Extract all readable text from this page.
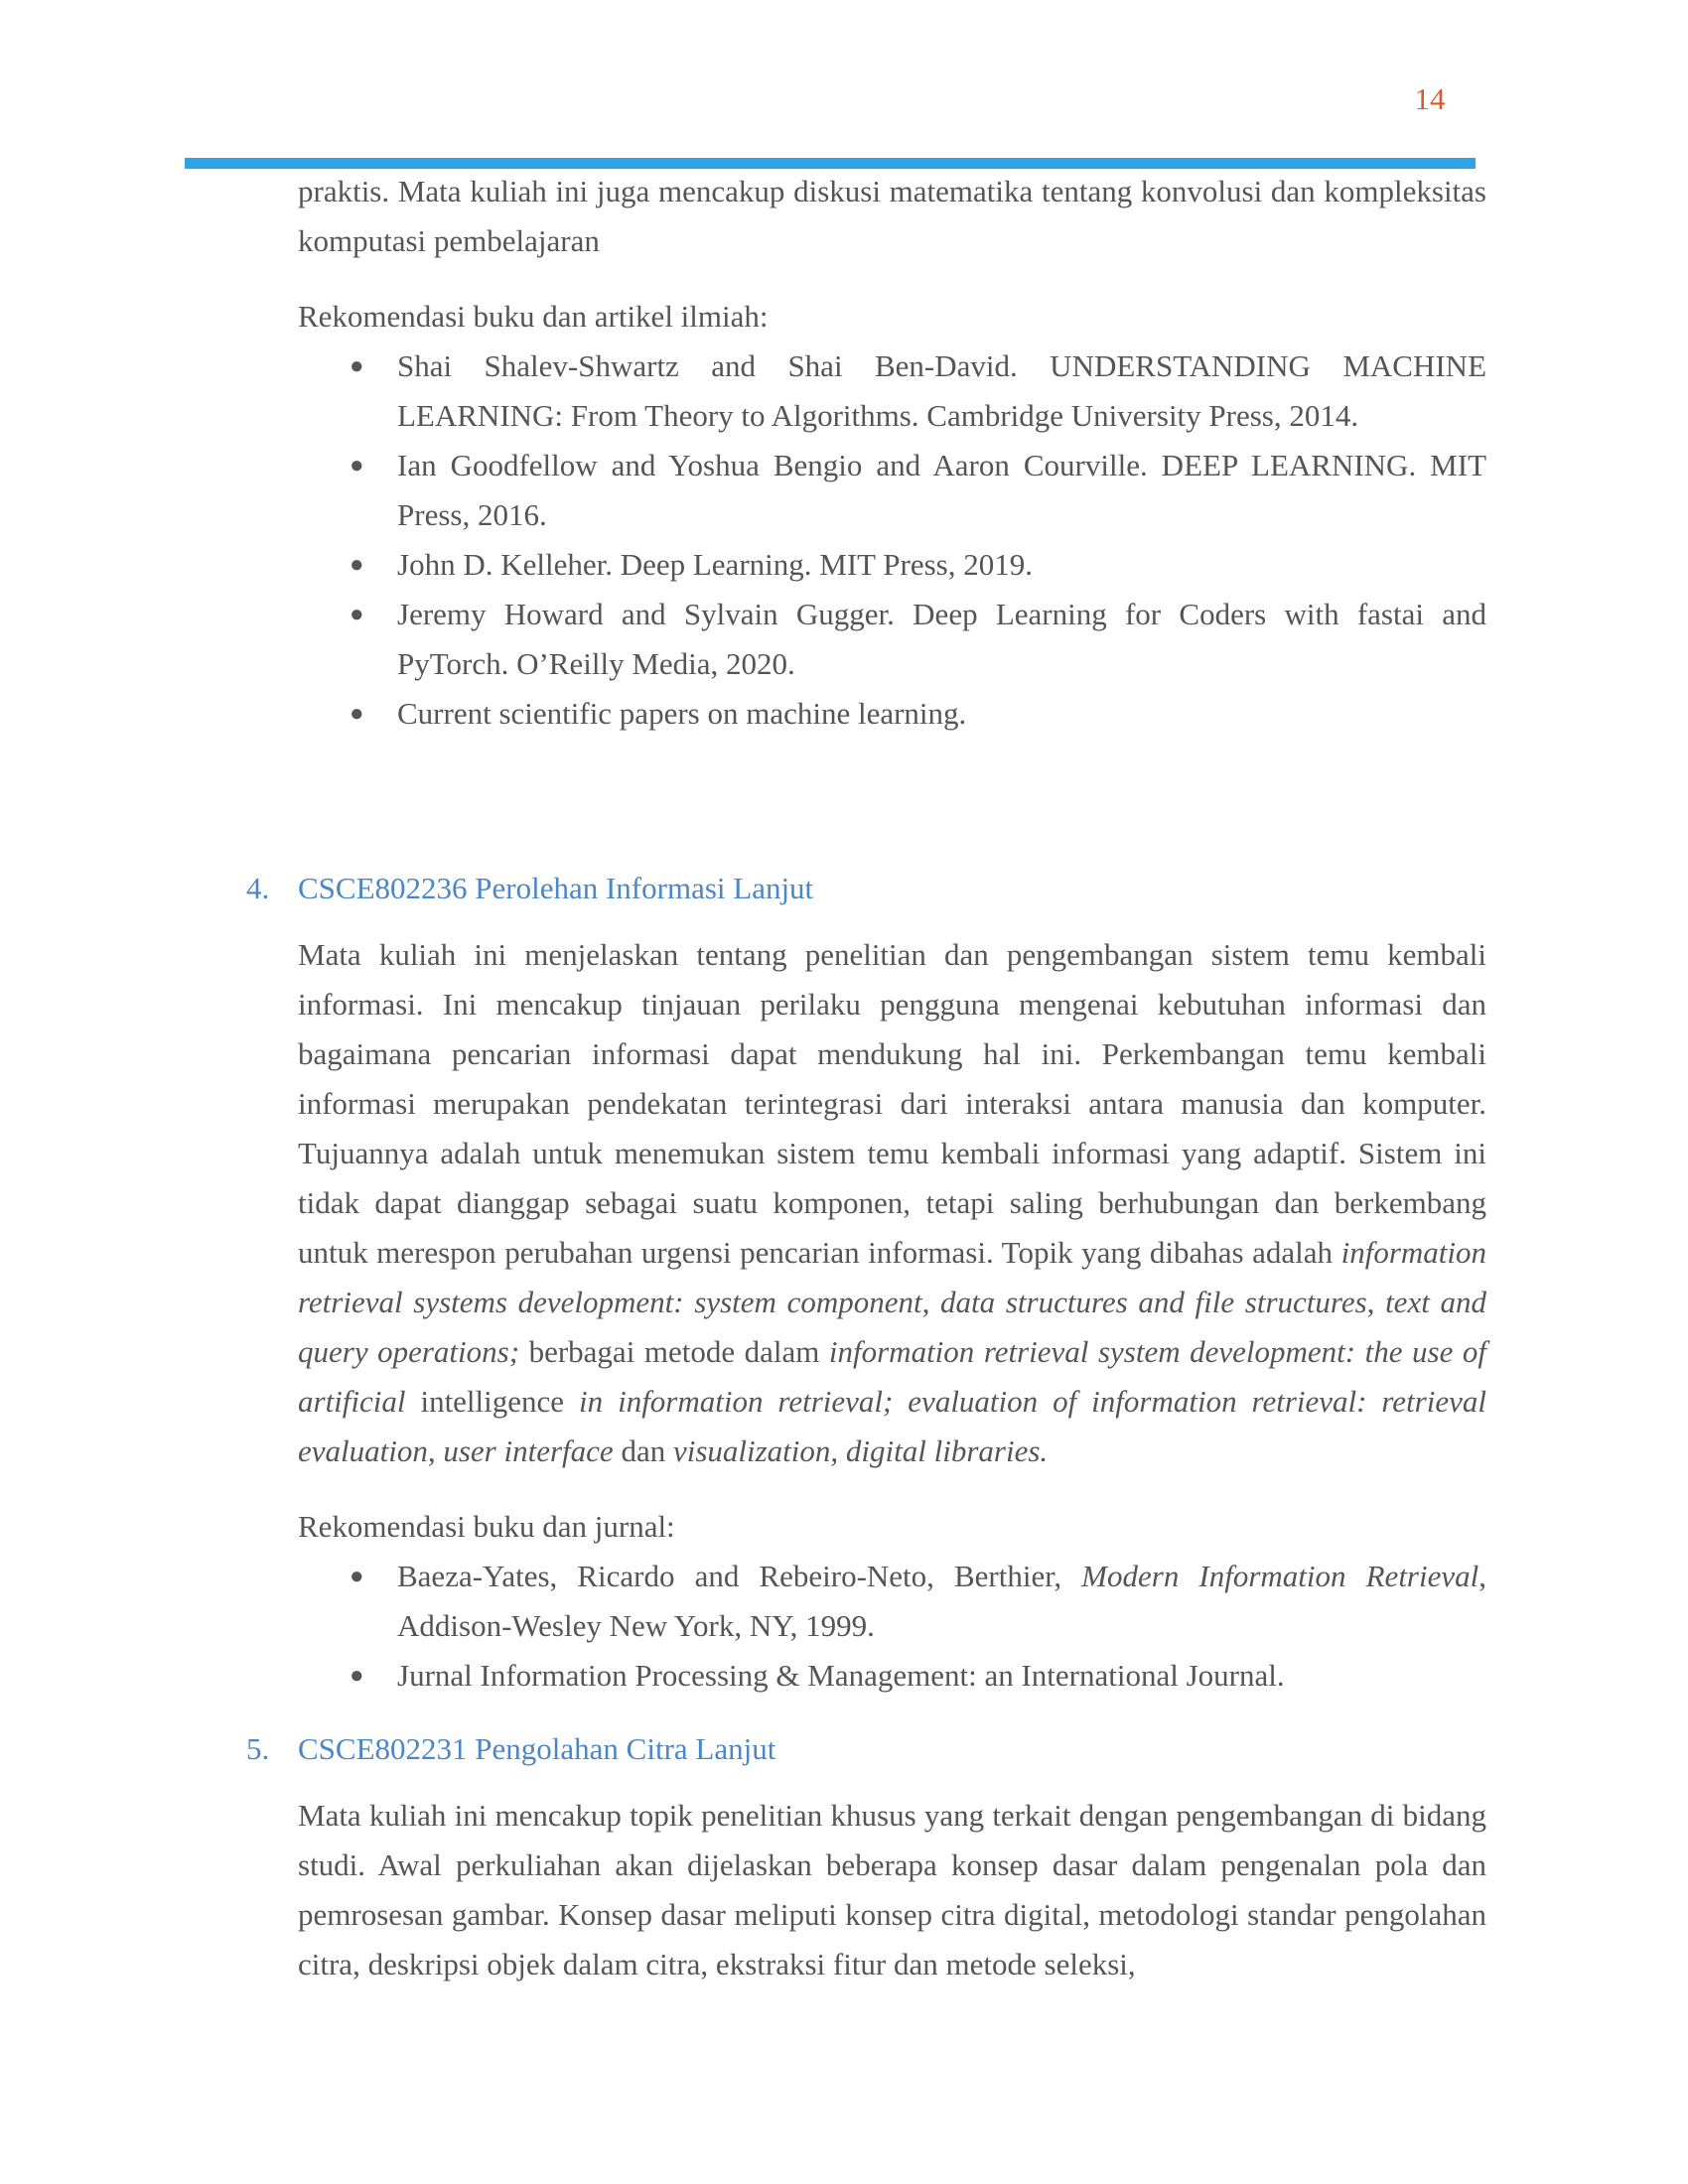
14

praktis. Mata kuliah ini juga mencakup diskusi matematika tentang konvolusi dan kompleksitas komputasi pembelajaran

Rekomendasi buku dan artikel ilmiah:

● Shai Shalev-Shwartz and Shai Ben-David. UNDERSTANDING MACHINE LEARNING: From Theory to Algorithms. Cambridge University Press, 2014.
● Ian Goodfellow and Yoshua Bengio and Aaron Courville. DEEP LEARNING. MIT Press, 2016.
● John D. Kelleher. Deep Learning. MIT Press, 2019.
● Jeremy Howard and Sylvain Gugger. Deep Learning for Coders with fastai and PyTorch. O’Reilly Media, 2020.
● Current scientific papers on machine learning.
4. CSCE802236 Perolehan Informasi Lanjut

Mata kuliah ini menjelaskan tentang penelitian dan pengembangan sistem temu kembali informasi. Ini mencakup tinjauan perilaku pengguna mengenai kebutuhan informasi dan bagaimana pencarian informasi dapat mendukung hal ini. Perkembangan temu kembali informasi merupakan pendekatan terintegrasi dari interaksi antara manusia dan komputer. Tujuannya adalah untuk menemukan sistem temu kembali informasi yang adaptif. Sistem ini tidak dapat dianggap sebagai suatu komponen, tetapi saling berhubungan dan berkembang untuk merespon perubahan urgensi pencarian informasi. Topik yang dibahas adalah information retrieval systems development: system component, data structures and file structures, text and query operations; berbagai metode dalam information retrieval system development: the use of artificial intelligence in information retrieval; evaluation of information retrieval: retrieval evaluation, user interface dan visualization, digital libraries.

Rekomendasi buku dan jurnal:

● Baeza-Yates, Ricardo and Rebeiro-Neto, Berthier, Modern Information Retrieval, Addison-Wesley New York, NY, 1999.
● Jurnal Information Processing & Management: an International Journal.
5. CSCE802231 Pengolahan Citra Lanjut

Mata kuliah ini mencakup topik penelitian khusus yang terkait dengan pengembangan di bidang studi. Awal perkuliahan akan dijelaskan beberapa konsep dasar dalam pengenalan pola dan pemrosesan gambar. Konsep dasar meliputi konsep citra digital, metodologi standar pengolahan citra, deskripsi objek dalam citra, ekstraksi fitur dan metode seleksi,
